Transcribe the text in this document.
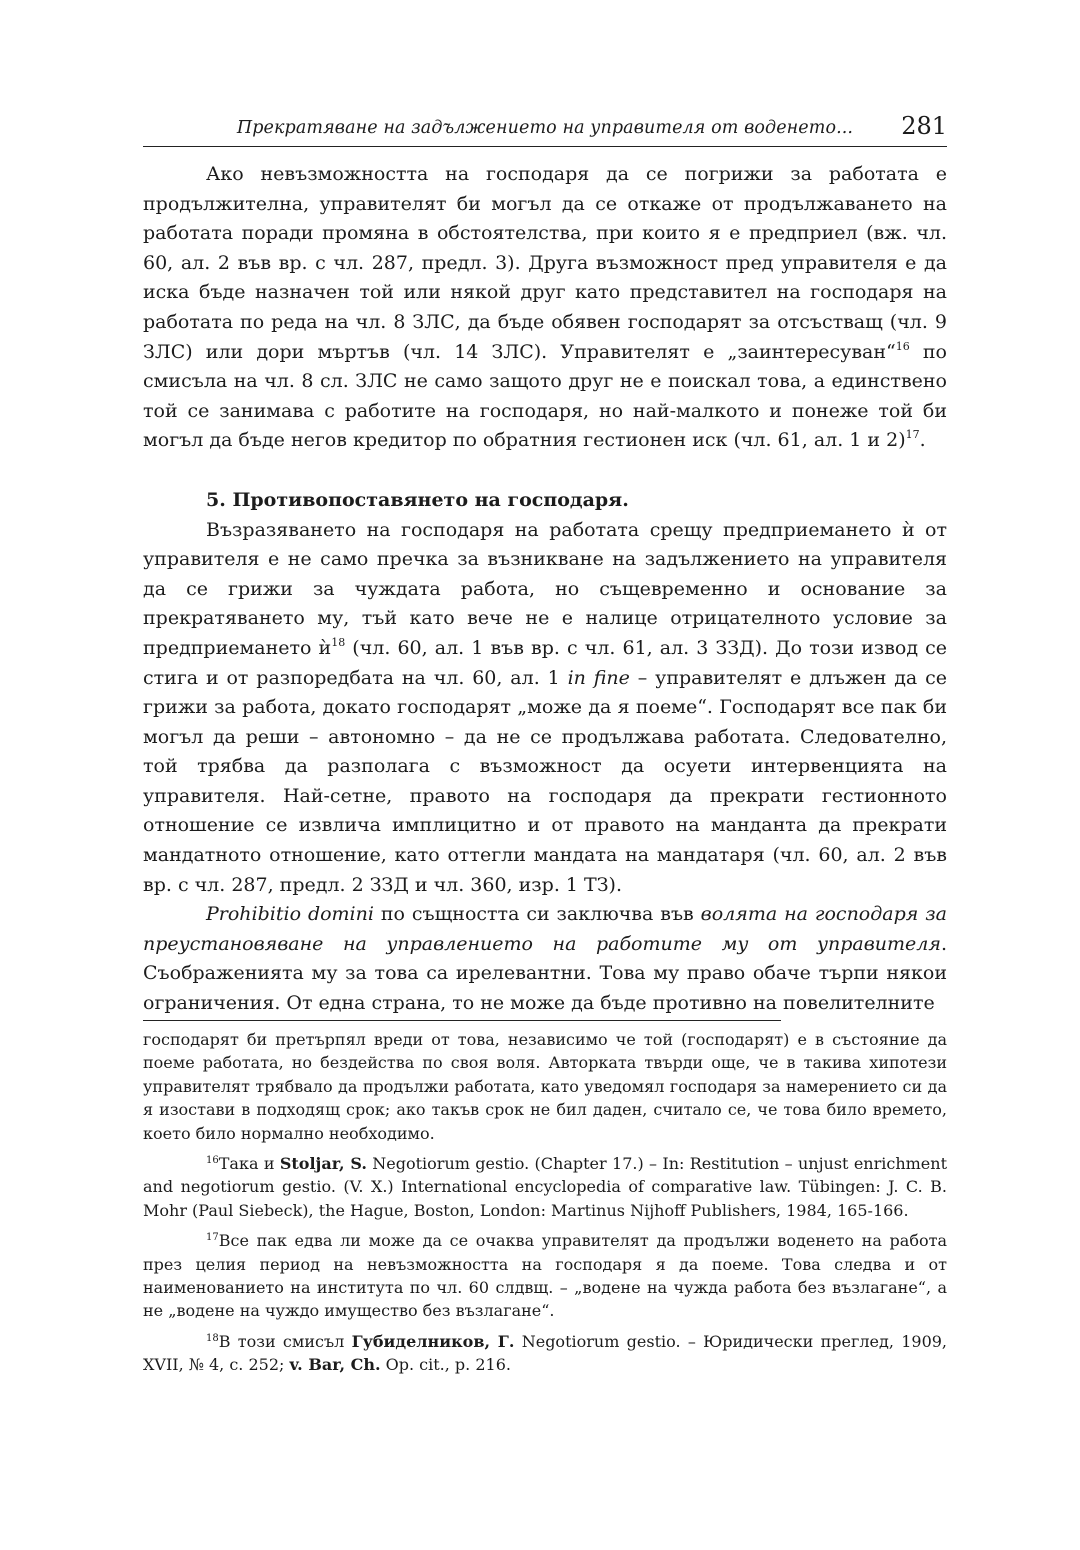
Прекратяване на задължението на управителя от воденето...	281

Ако невъзможността на господаря да се погрижи за работата е продължителна, управителят би могъл да се откаже от продължаването на работата поради промяна в обстоятелства, при които я е предприел (вж. чл. 60, ал. 2 във вр. с чл. 287, предл. 3). Друга възможност пред управителя е да иска бъде назначен той или някой друг като представител на господаря на работата по реда на чл. 8 ЗЛС, да бъде обявен господарят за отсъстващ (чл. 9 ЗЛС) или дори мъртъв (чл. 14 ЗЛС). Управителят е „заинтересуван“$^{16}$ по смисъла на чл. 8 сл. ЗЛС не само защото друг не е поискал това, а единствено той се занимава с работите на господаря, но най-малкото и понеже той би могъл да бъде негов кредитор по обратния гестионен иск (чл. 61, ал. 1 и 2)$^{17}$.

5. Противопоставянето на господаря.

Възразяването на господаря на работата срещу предприемането ѝ от управителя е не само пречка за възникване на задължението на управителя да се грижи за чуждата работа, но същевременно и основание за прекратяването му, тъй като вече не е налице отрицателното условие за предприемането $ѝ^{18}$ (чл. 60, ал. 1 във вр. с чл. 61, ал. 3 ЗЗД). До този извод се стига и от разпоредбата на чл. 60, ал. 1 in fine – управителят е длъжен да се грижи за работа, докато господарят „може да я поеме“. Господарят все пак би могъл да реши – автономно – да не се продължава работата. Следователно, той трябва да разполага с възможност да осуети интервенцията на управителя. Най-сетне, правото на господаря да прекрати гестионното отношение се извлича имплицитно и от правото на манданта да прекрати мандатното отношение, като оттегли мандата на мандатаря (чл. 60, ал. 2 във вр. с чл. 287, предл. 2 ЗЗД и чл. 360, изр. 1 ТЗ).

Prohibitio domini по същността си заключва във волята на господаря за преустановяване на управлението на работите му от управителя. Съображенията му за това са ирелевантни. Това му право обаче търпи някои ограничения. От една страна, то не може да бъде противно на повелителните

господарят би претърпял вреди от това, независимо че той (господарят) е в състояние да поеме работата, но бездейства по своя воля. Авторката твърди още, че в такива хипотези управителят трябвало да продължи работата, като уведомял господаря за намерението си да я изостави в подходящ срок; ако такъв срок не бил даден, считало се, че това било времето, което било нормално необходимо.

$^{16}$Така и Stoljar, S. Negotiorum gestio. (Chapter 17.) – In: Restitution – unjust enrichment and negotiorum gestio. (V. X.) International encyclopedia of comparative law. Tübingen: J. C. B. Mohr (Paul Siebeck), the Hague, Boston, London: Martinus Nijhoff Publishers, 1984, 165-166.

$^{17}$Все пак едва ли може да се очаква управителят да продължи воденето на работа през целия период на невъзможността на господаря я да поеме. Това следва и от наименованието на института по чл. 60 слдвщ. – „водене на чужда работа без възлагане“, а не „водене на чуждо имущество без възлагане“.

$^{18}$В този смисъл Губиделников, Г. Negotiorum gestio. – Юридически преглед, 1909, XVII, № 4, с. 252; v. Bar, Ch. Op. cit., p. 216.
